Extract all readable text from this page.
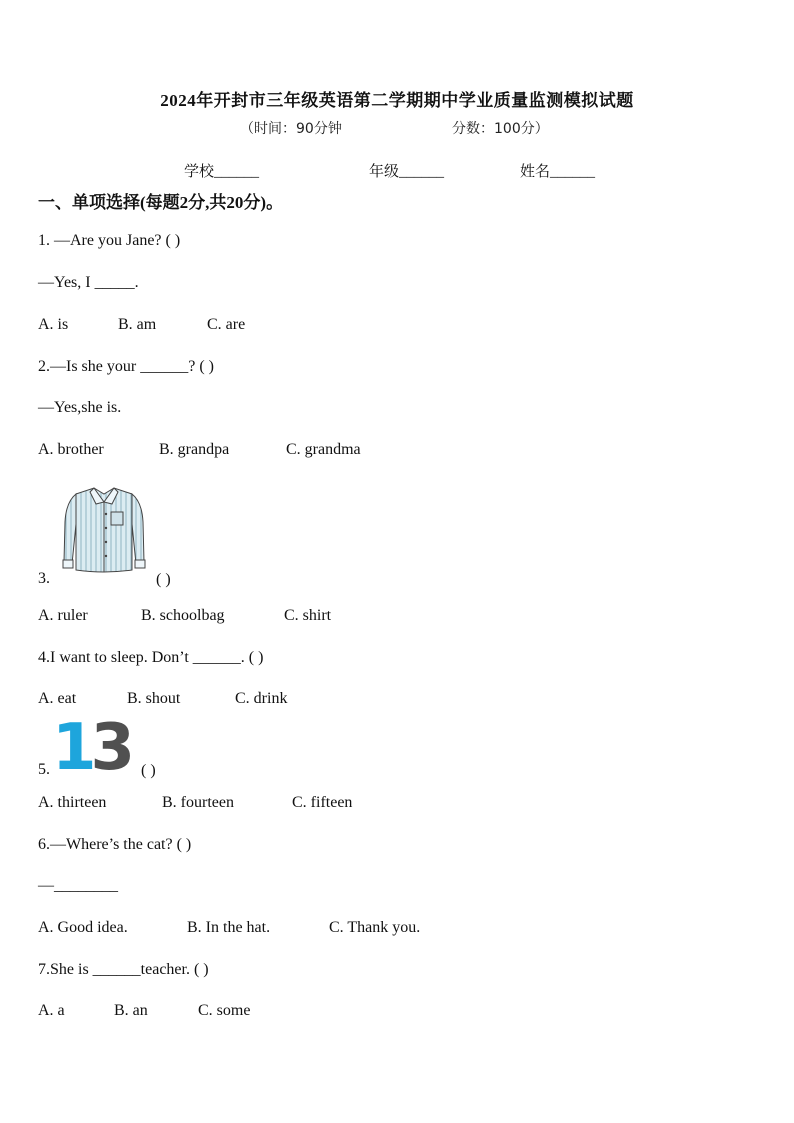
2024年开封市三年级英语第二学期期中学业质量监测模拟试题
（时间：90分钟	分数：100分）
学校______	年级______	姓名______
一、单项选择(每题2分,共20分)。
1. —Are you Jane? ( )
—Yes, I _____.
A. is	B. am	C. are
2.—Is she your ______? ( )
—Yes,she is.
A. brother	B. grandpa	C. grandma
3.	( )
A. ruler	B. schoolbag	C. shirt
4.I want to sleep. Don’t ______. ( )
A. eat	B. shout	C. drink
5. 13 ( )
A. thirteen	B. fourteen	C. fifteen
6.—Where’s the cat? ( )
—________
A. Good idea.	B. In the hat.	C. Thank you.
7.She is ______teacher. ( )
A. a	B. an	C. some
